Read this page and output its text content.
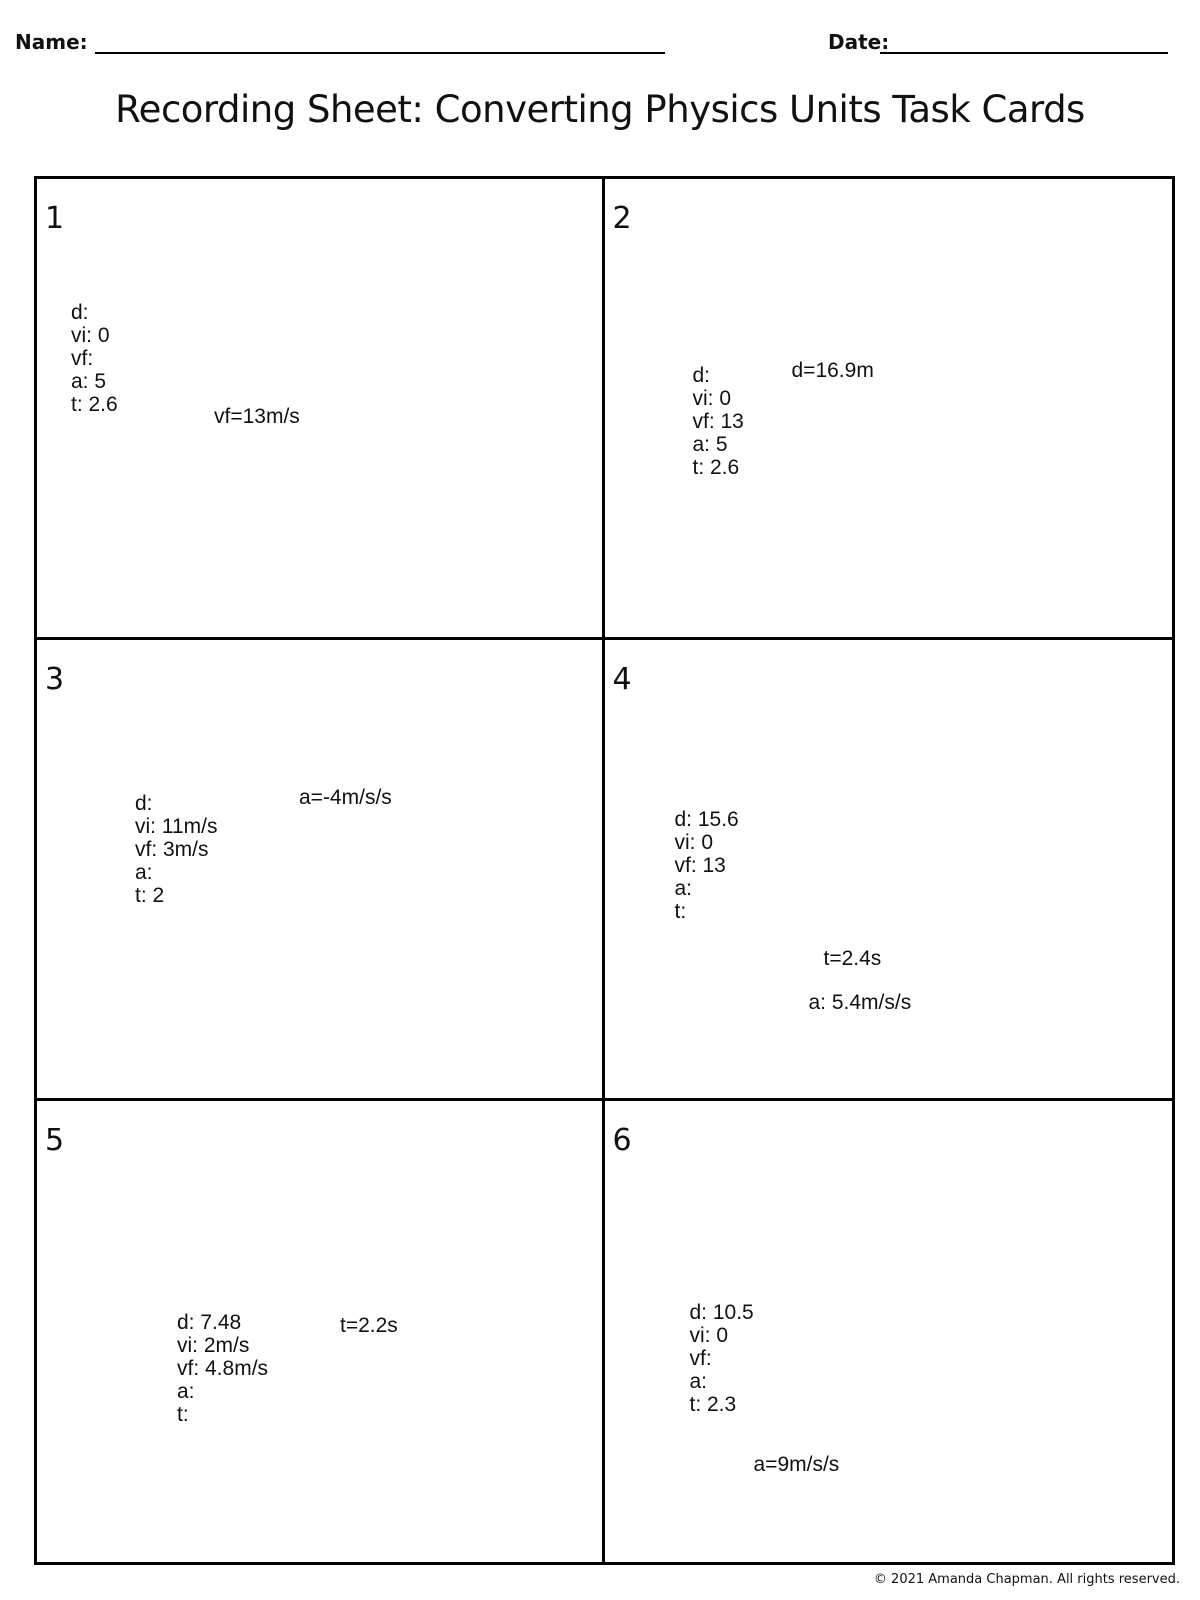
Name:	Date:
Recording Sheet: Converting Physics Units Task Cards
1
d:
vi: 0
vf:
a: 5
t: 2.6
vf=13m/s
2
d:
vi: 0
vf: 13
a: 5
t: 2.6
d=16.9m
3
d:
vi: 11m/s
vf: 3m/s
a:
t: 2
a=-4m/s/s
4
d: 15.6
vi: 0
vf: 13
a:
t:
t=2.4s
a: 5.4m/s/s
5
d: 7.48
vi: 2m/s
vf: 4.8m/s
a:
t:
t=2.2s
6
d: 10.5
vi: 0
vf:
a:
t: 2.3
a=9m/s/s
© 2021 Amanda Chapman. All rights reserved.
